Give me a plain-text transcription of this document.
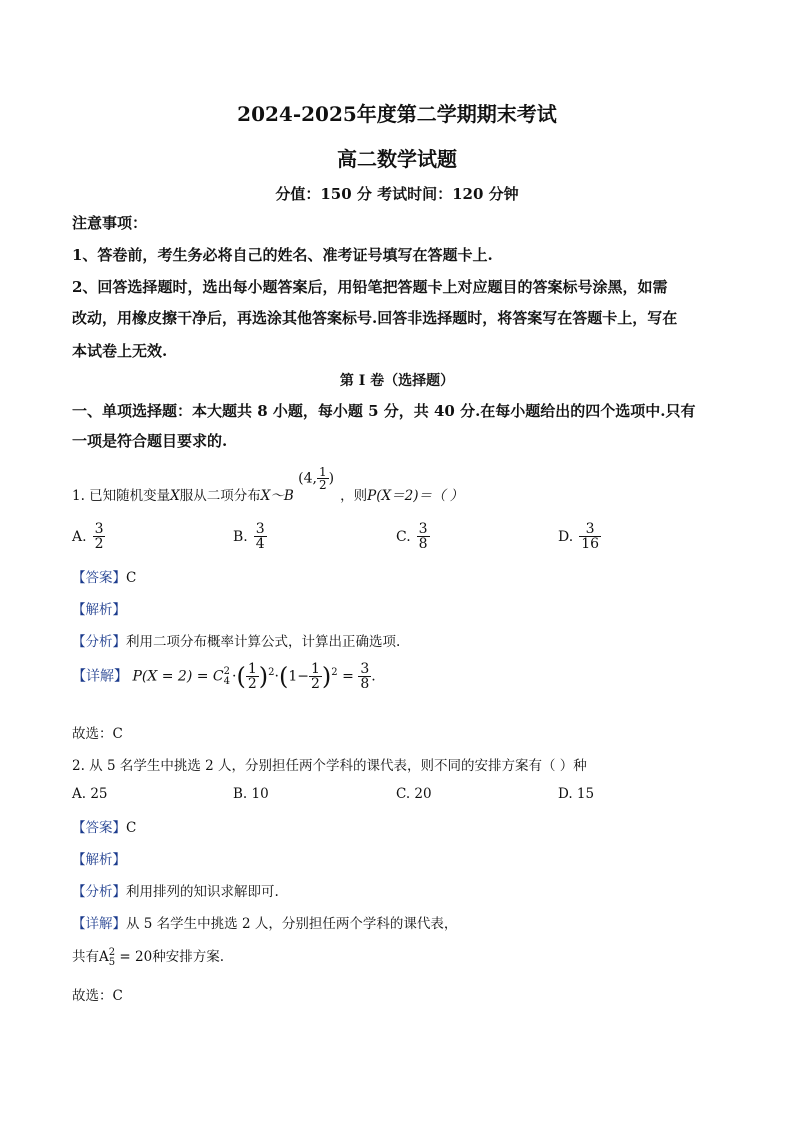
2024-2025年度第二学期期末考试
高二数学试题
分值：150 分 考试时间：120 分钟
注意事项：
1、答卷前，考生务必将自己的姓名、准考证号填写在答题卡上.
2、回答选择题时，选出每小题答案后，用铅笔把答题卡上对应题目的答案标号涂黑，如需
改动，用橡皮擦干净后，再选涂其他答案标号.回答非选择题时，将答案写在答题卡上，写在
本试卷上无效.
第 I 卷（选择题）
一、单项选择题：本大题共 8 小题，每小题 5 分，共 40 分.在每小题给出的四个选项中.只有
一项是符合题目要求的.
1. 已知随机变量X服从二项分布X～B
(4, $\frac{1}{2}$ )
，则P(X＝2)＝（ ）
A. $\frac{3}{2}$	B. $\frac{3}{4}$	C. $\frac{3}{8}$	D. $\frac{3}{16}$
【答案】C
【解析】
【分析】利用二项分布概率计算公式，计算出正确选项.
【详解】 P(X = 2) = C 2
4 ·( $\frac{1}{2} )^2\cdot(1- \frac{1}{2} )^2 = \frac{3}{8}$ .
故选：C
2. 从 5 名学生中挑选 2 人，分别担任两个学科的课代表，则不同的安排方案有（ ）种
A. 25	B. 10	C. 20	D. 15
【答案】C
【解析】
【分析】利用排列的知识求解即可.
【详解】从 5 名学生中挑选 2 人，分别担任两个学科的课代表，
共有A 2
5 = 20种安排方案.
故选：C
